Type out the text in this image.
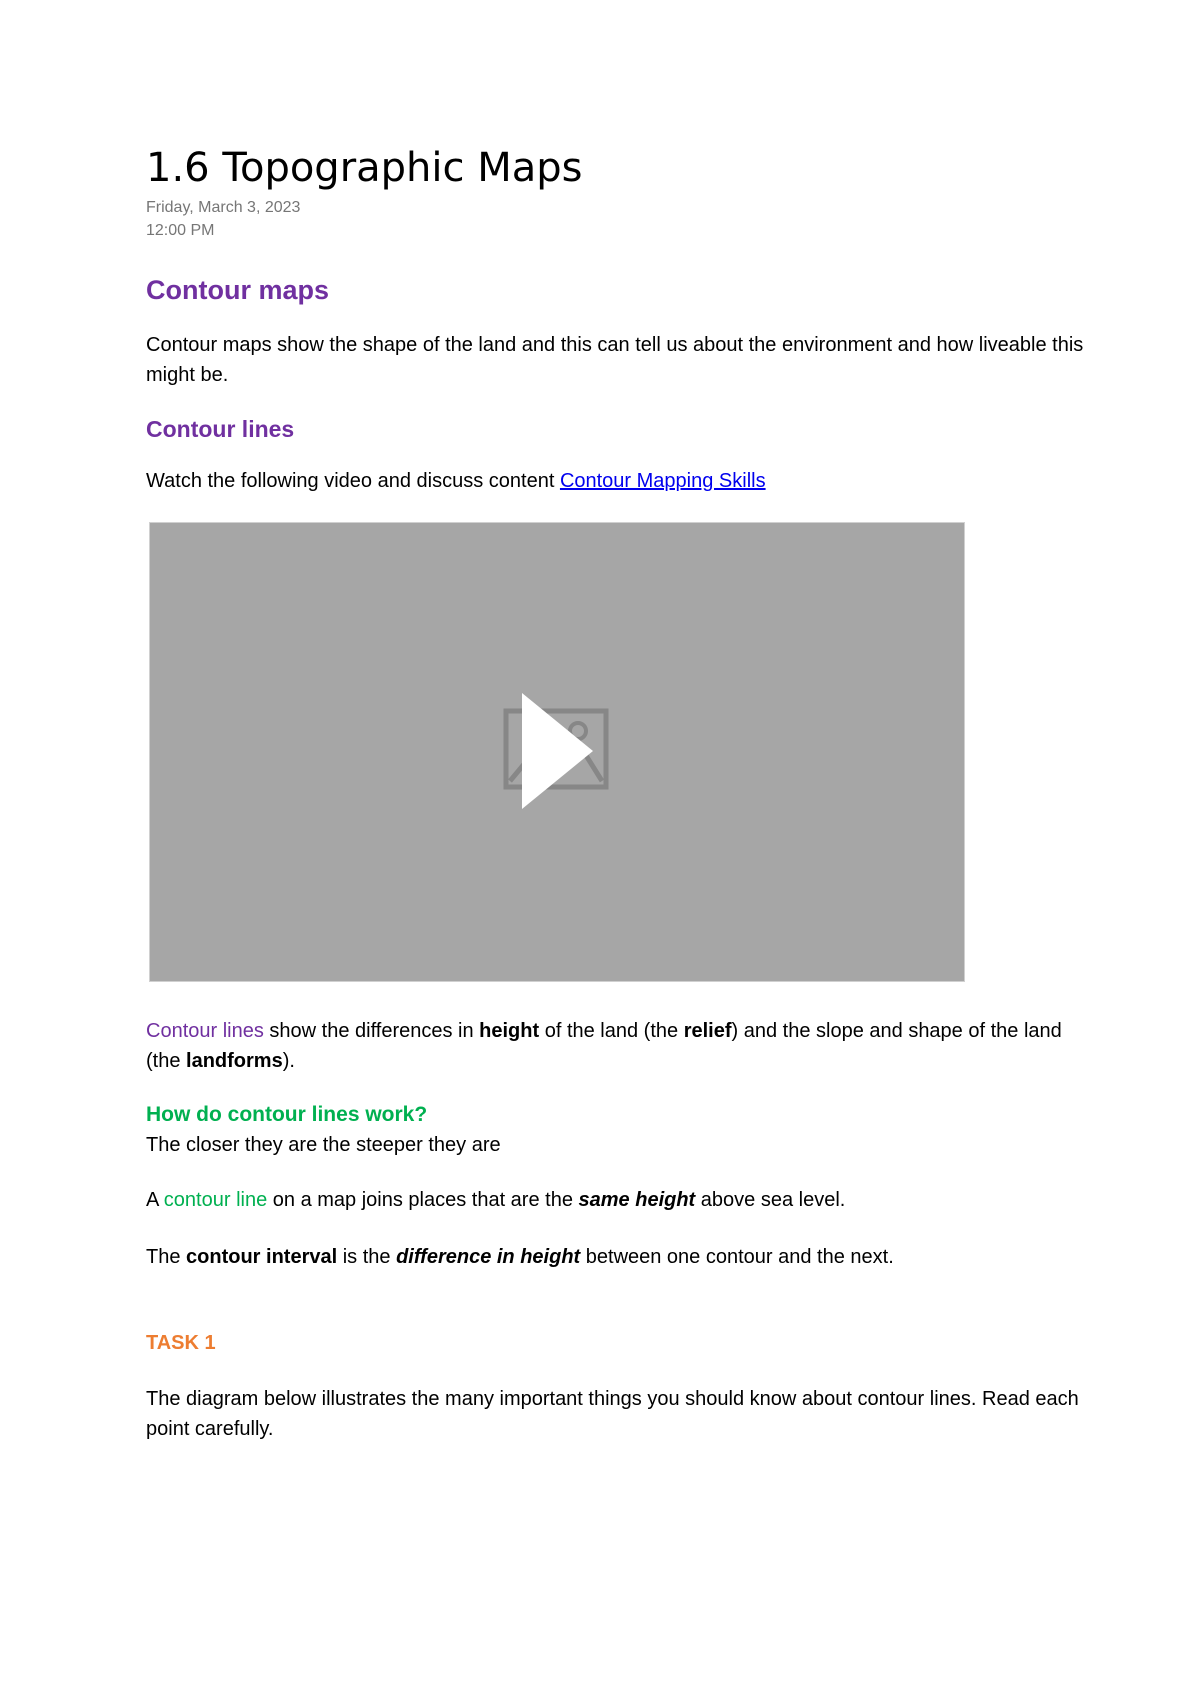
1.6 Topographic Maps
Friday, March 3, 2023
12:00 PM
Contour maps

Contour maps show the shape of the land and this can tell us about the environment and how liveable this might be.

Contour lines

Watch the following video and discuss content Contour Mapping Skills

Contour lines show the differences in height of the land (the relief) and the slope and shape of the land (the landforms).

How do contour lines work?

The closer they are the steeper they are

A contour line on a map joins places that are the same height above sea level.

The contour interval is the difference in height between one contour and the next.

TASK 1

The diagram below illustrates the many important things you should know about contour lines. Read each point carefully.
